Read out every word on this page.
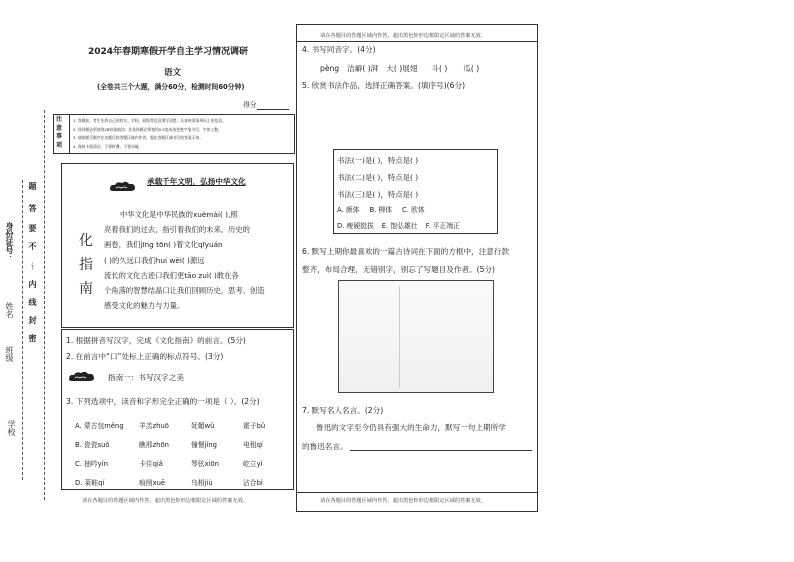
身份证号
姓名
班级
学校
题
答
要
不
～
内
线
封
密
2024年春期寒假开学自主学习情况调研
语文
(全卷共三个大题，满分60分，检测时间60分钟)
得分
注
意
事
项
1. 答题前，考生先将自己的姓名、学校、班级等信息填写清楚，认真核准条形码上的信息。
2. 选择题必须使用2B铅笔填涂；非选择题必须使用0.5毫米黑色签字笔书写，字体工整。
3. 请按题号顺序在各题目的答题区域内作答，超出答题区域书写的答案无效。
4. 保持卡面清洁，不要折叠、不要弄破。
承载千年文明，弘扬中华文化
化
指
南
中华文化是中华民族的xuèmài( ),照
亮着我们的过去，指引着我们的未来。历史的
画卷，我们jīng tōn( )着文化qīyuán
( )的久远口我们hui wèi( )源远
流长的文化古迹口我们更tāo zuì( )敢在各
个角落的智慧结晶口让我们回顾历史，思考、创造
感受文化的魅力与力量。
1. 根据拼音写汉字，完成《文化指南》的前言。(5分)
2. 在前言中“口”处标上正确的标点符号。(3分)
指南一：书写汉字之美
3. 下列选项中，读音和字形完全正确的一项是（ ）。(2分)
A. 蒙古包měng	羊羔zhuō	妩媚wǔ	霍子bǔ
B. 瓷瓷suǒ	瞧邢zhōn	憧憬jǐng	电租qí
C. 抽吟yín	卡住qiǎ	琴弦xiōn	屹立yì
D. 莱畦qí	痕削xuē	乌相jiù	沾合bì
请在各题目的答题区域内作答，超出黑色矩形边框限定区域的答案无效。
请在各题目的答题区域内作答，超出黑色矩形边框限定区域的答案无效。
4. 书写同音字。(4分)
pèng 洁癖( )湃 大( )展翅 斗( ) 瓜( )
5. 欣赏书法作品，选择正确答案。(填序号)(6分)
书法(一)是( )，特点是( )
书法(二)是( )，特点是( )
书法(三)是( )，特点是( )
A. 颜体 B. 柳体 C. 欧体
D. 瘦硬挺拔 E. 饱弘雄壮 F. 平正端正
6. 默写上期你最喜欢的一篇古诗词在下面的方框中，注意行款
整齐，布局合理，无错别字，别忘了写题目及作者。(5分)
7. 默写名人名言。(2分)
鲁迅的文字至今仍具有强大的生命力，默写一句上期所学
的鲁迅名言。
请在各题目的答题区域内作答，超出黑色矩形边框限定区域的答案无效。
